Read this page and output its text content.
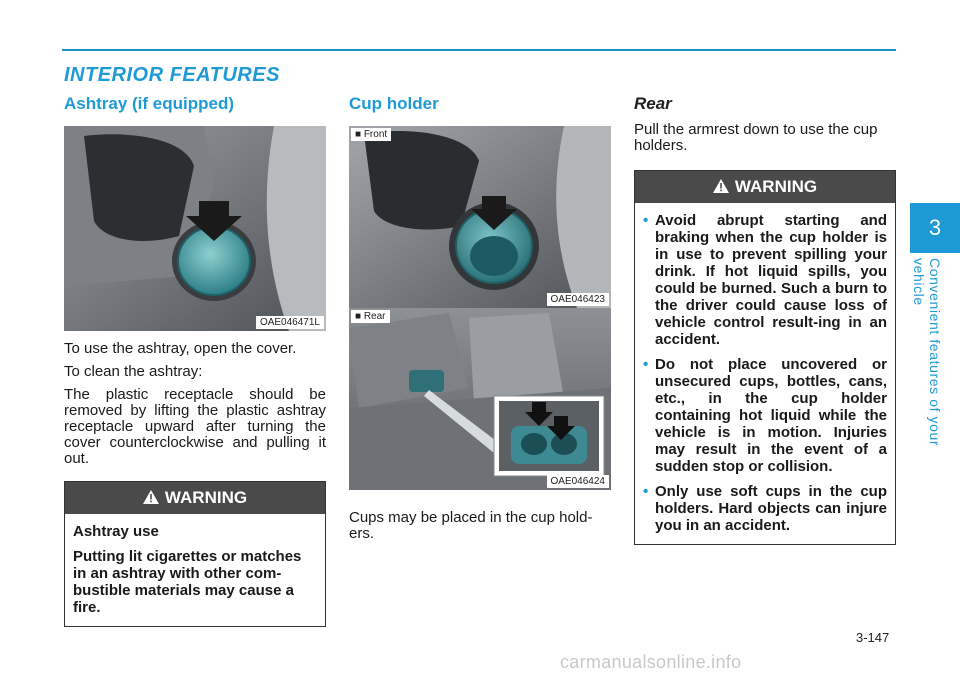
INTERIOR FEATURES
Ashtray (if equipped)
OAE046471L

To use the ashtray, open the cover.

To clean the ashtray:

The plastic receptacle should be removed by lifting the plastic ashtray receptacle upward after turning the cover counterclockwise and pulling it out.

WARNING
Ashtray use
Putting lit cigarettes or matches in an ashtray with other com-bustible materials may cause a fire.
Cup holder
■ Front
OAE046423
■ Rear
OAE046424

Cups may be placed in the cup hold-ers.

Rear

Pull the armrest down to use the cup holders.

WARNING
• Avoid abrupt starting and braking when the cup holder is in use to prevent spilling your drink. If hot liquid spills, you could be burned. Such a burn to the driver could cause loss of vehicle control result-ing in an accident.
• Do not place uncovered or unsecured cups, bottles, cans, etc., in the cup holder containing hot liquid while the vehicle is in motion. Injuries may result in the event of a sudden stop or collision.
• Only use soft cups in the cup holders. Hard objects can injure you in an accident.
3
Convenient features of your vehicle
3-147
carmanualsonline.info
